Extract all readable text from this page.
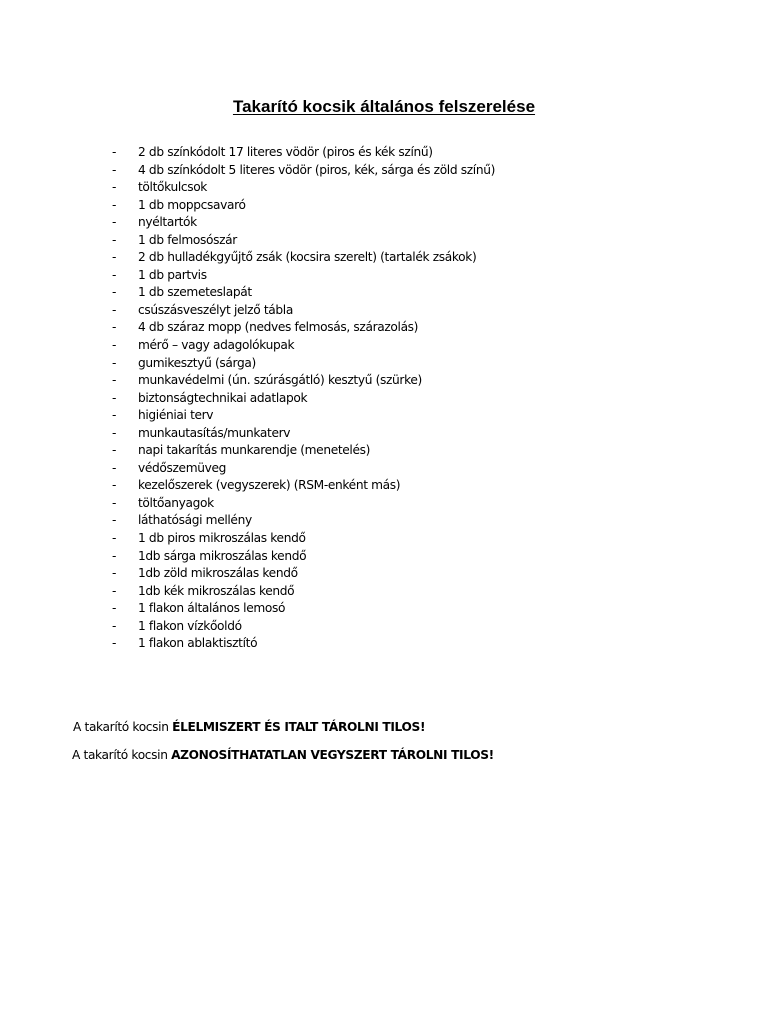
Takarító kocsik általános felszerelése
-	2 db színkódolt 17 literes vödör (piros és kék színű)
-	4 db színkódolt 5 literes vödör (piros, kék, sárga és zöld színű)
-	töltőkulcsok
-	1 db moppcsavaró
-	nyéltartók
-	1 db felmosószár
-	2 db hulladékgyűjtő zsák (kocsira szerelt) (tartalék zsákok)
-	1 db partvis
-	1 db szemeteslapát
-	csúszásveszélyt jelző tábla
-	4 db száraz mopp (nedves felmosás, szárazolás)
-	mérő – vagy adagolókupak
-	gumikesztyű (sárga)
-	munkavédelmi (ún. szúrásgátló) kesztyű (szürke)
-	biztonságtechnikai adatlapok
-	higiéniai terv
-	munkautasítás/munkaterv
-	napi takarítás munkarendje (menetelés)
-	védőszemüveg
-	kezelőszerek (vegyszerek) (RSM-enként más)
-	töltőanyagok
-	láthatósági mellény
-	1 db piros mikroszálas kendő
-	1db sárga mikroszálas kendő
-	1db zöld mikroszálas kendő
-	1db kék mikroszálas kendő
-	1 flakon általános lemosó
-	1 flakon vízkőoldó
-	1 flakon ablaktisztító

A takarító kocsin ÉLELMISZERT ÉS ITALT TÁROLNI TILOS!

A takarító kocsin AZONOSÍTHATATLAN VEGYSZERT TÁROLNI TILOS!
